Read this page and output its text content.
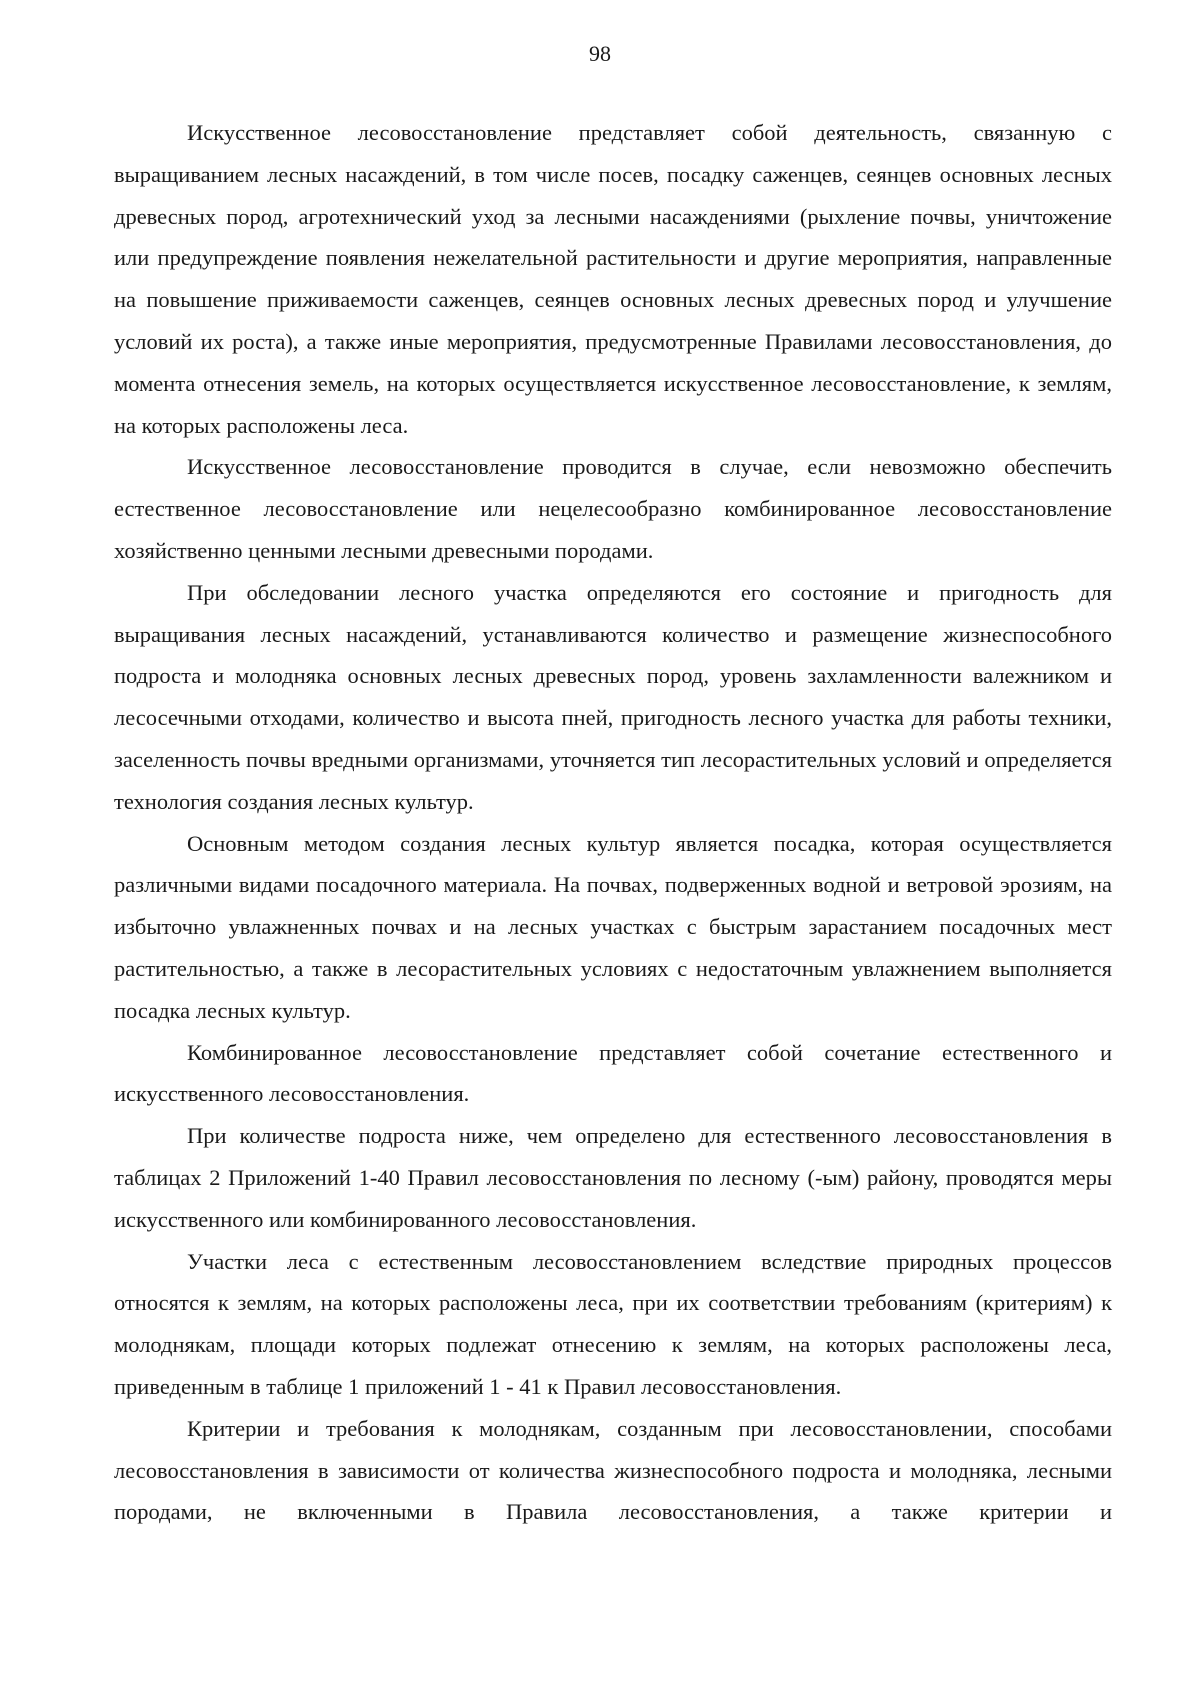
98

Искусственное лесовосстановление представляет собой деятельность, связанную с выращиванием лесных насаждений, в том числе посев, посадку саженцев, сеянцев основных лесных древесных пород, агротехнический уход за лесными насаждениями (рыхление почвы, уничтожение или предупреждение появления нежелательной растительности и другие мероприятия, направленные на повышение приживаемости саженцев, сеянцев основных лесных древесных пород и улучшение условий их роста), а также иные мероприятия, предусмотренные Правилами лесовосстановления, до момента отнесения земель, на которых осуществляется искусственное лесовосстановление, к землям, на которых расположены леса.

Искусственное лесовосстановление проводится в случае, если невозможно обеспечить естественное лесовосстановление или нецелесообразно комбинированное лесовосстановление хозяйственно ценными лесными древесными породами.

При обследовании лесного участка определяются его состояние и пригодность для выращивания лесных насаждений, устанавливаются количество и размещение жизнеспособного подроста и молодняка основных лесных древесных пород, уровень захламленности валежником и лесосечными отходами, количество и высота пней, пригодность лесного участка для работы техники, заселенность почвы вредными организмами, уточняется тип лесорастительных условий и определяется технология создания лесных культур.

Основным методом создания лесных культур является посадка, которая осуществляется различными видами посадочного материала. На почвах, подверженных водной и ветровой эрозиям, на избыточно увлажненных почвах и на лесных участках с быстрым зарастанием посадочных мест растительностью, а также в лесорастительных условиях с недостаточным увлажнением выполняется посадка лесных культур.

Комбинированное лесовосстановление представляет собой сочетание естественного и искусственного лесовосстановления.

При количестве подроста ниже, чем определено для естественного лесовосстановления в таблицах 2 Приложений 1-40 Правил лесовосстановления по лесному (-ым) району, проводятся меры искусственного или комбинированного лесовосстановления.

Участки леса с естественным лесовосстановлением вследствие природных процессов относятся к землям, на которых расположены леса, при их соответствии требованиям (критериям) к молоднякам, площади которых подлежат отнесению к землям, на которых расположены леса, приведенным в таблице 1 приложений 1 - 41 к Правил лесовосстановления.

Критерии и требования к молоднякам, созданным при лесовосстановлении, способами лесовосстановления в зависимости от количества жизнеспособного подроста и молодняка, лесными породами, не включенными в Правила лесовосстановления, а также критерии и
